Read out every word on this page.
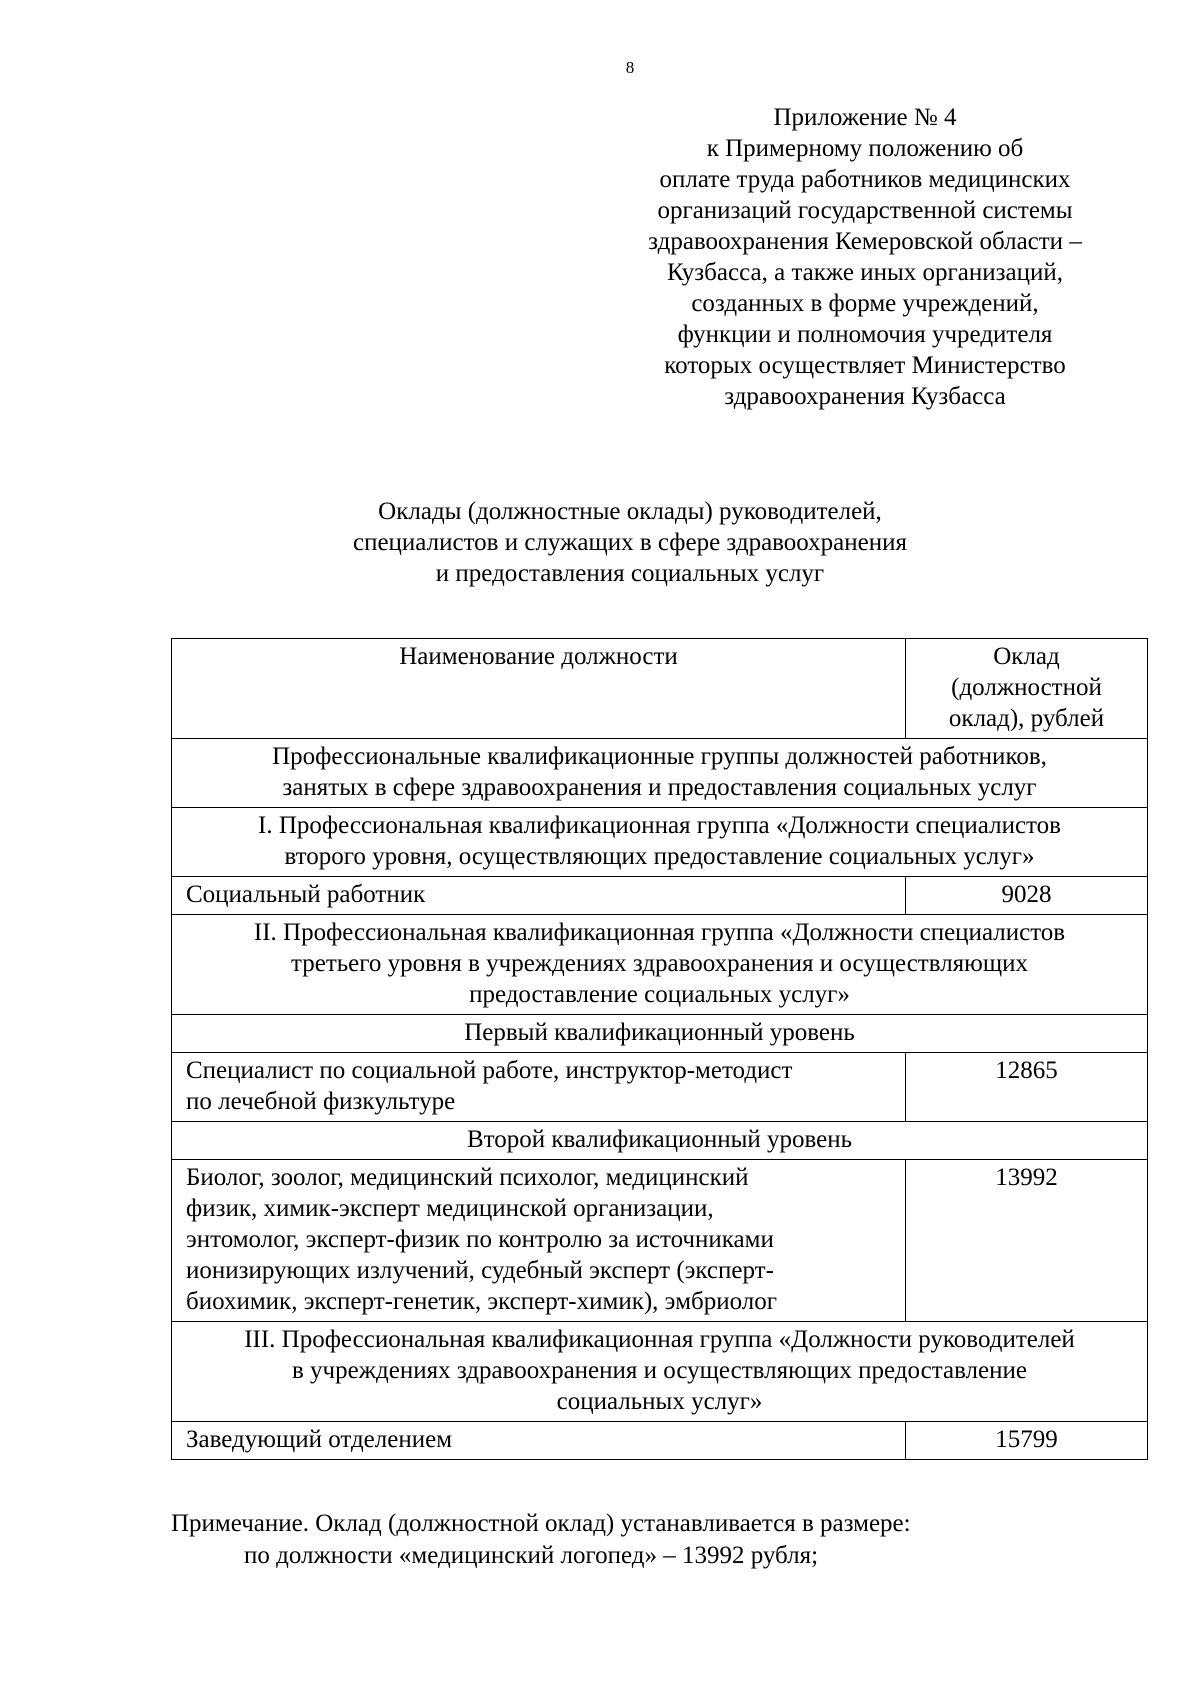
8
Приложение № 4
к Примерному положению об
оплате труда работников медицинских
организаций государственной системы
здравоохранения Кемеровской области –
Кузбасса, а также иных организаций,
созданных в форме учреждений,
функции и полномочия учредителя
которых осуществляет Министерство
здравоохранения Кузбасса
Оклады (должностные оклады) руководителей,
специалистов и служащих в сфере здравоохранения
и предоставления социальных услуг
Наименование должности	Оклад
(должностной
оклад), рублей

Профессиональные квалификационные группы должностей работников,
занятых в сфере здравоохранения и предоставления социальных услуг	

I. Профессиональная квалификационная группа «Должности специалистов
второго уровня, осуществляющих предоставление социальных услуг»	

Социальный работник	9028

II. Профессиональная квалификационная группа «Должности специалистов
третьего уровня в учреждениях здравоохранения и осуществляющих
предоставление социальных услуг»	

Первый квалификационный уровень	

Специалист по социальной работе, инструктор-методист
по лечебной физкультуре	12865
Второй квалификационный уровень	

Биолог, зоолог, медицинский психолог, медицинский
физик, химик-эксперт медицинской организации,
энтомолог, эксперт-физик по контролю за источниками
ионизирующих излучений, судебный эксперт (эксперт-
биохимик, эксперт-генетик, эксперт-химик), эмбриолог	13992

III. Профессиональная квалификационная группа «Должности руководителей
в учреждениях здравоохранения и осуществляющих предоставление
социальных услуг»	

Заведующий отделением	15799
Примечание. Оклад (должностной оклад) устанавливается в размере:
по должности «медицинский логопед» – 13992 рубля;
